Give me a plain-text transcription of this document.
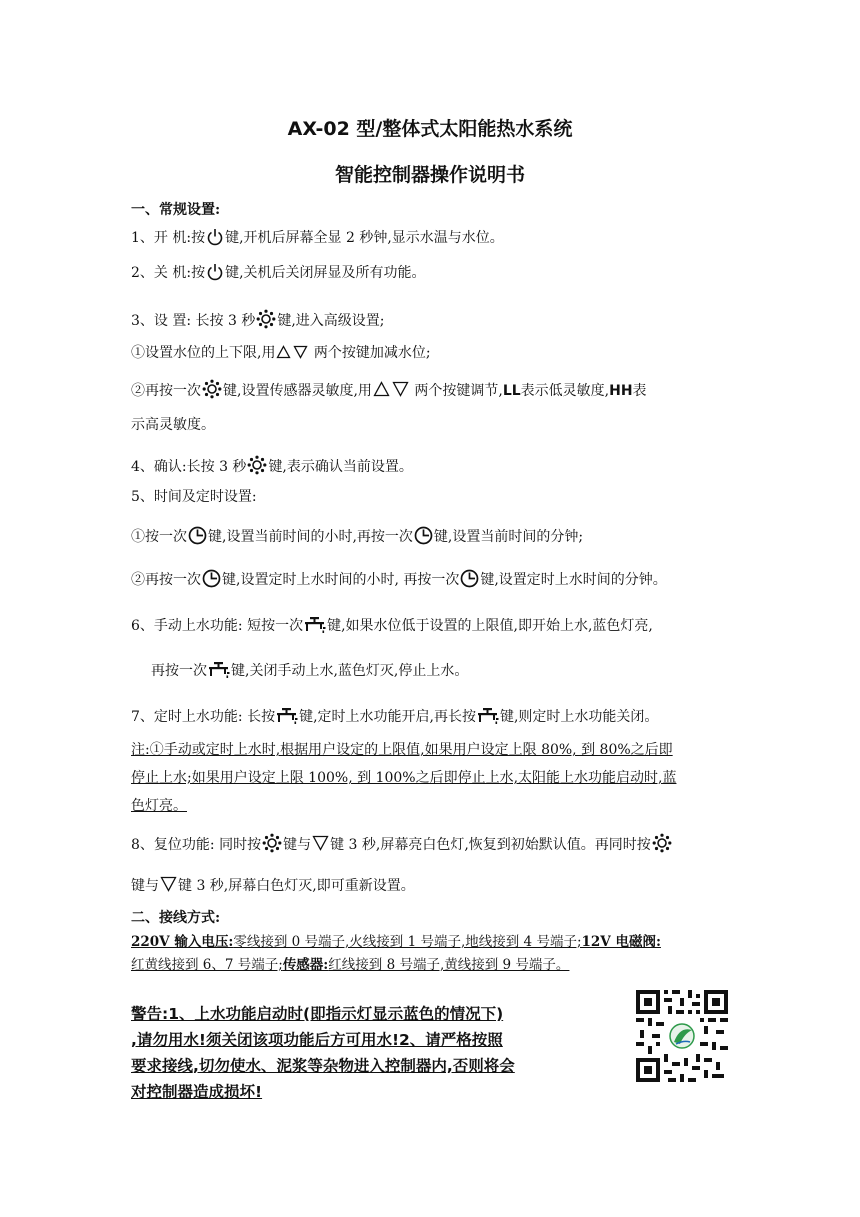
AX-02 型/整体式太阳能热水系统
智能控制器操作说明书
一、常规设置:
1、开 机:按 键,开机后屏幕全显 2 秒钟,显示水温与水位。
2、关 机:按 键,关机后关闭屏显及所有功能。
3、设 置: 长按 3 秒 键,进入高级设置;
①设置水位的上下限,用 两个按键加减水位;
②再按一次 键,设置传感器灵敏度,用	两个按键调节,LL表示低灵敏度,HH表
示高灵敏度。
4、确认:长按 3 秒 键,表示确认当前设置。
5、时间及定时设置:
①按一次 键,设置当前时间的小时,再按一次 键,设置当前时间的分钟;
②再按一次 键,设置定时上水时间的小时, 再按一次 键,设置定时上水时间的分钟。
6、手动上水功能: 短按一次 键,如果水位低于设置的上限值,即开始上水,蓝色灯亮,
再按一次 键,关闭手动上水,蓝色灯灭,停止上水。
7、定时上水功能: 长按 键,定时上水功能开启,再长按 键,则定时上水功能关闭。
注:①手动或定时上水时,根据用户设定的上限值,如果用户设定上限 80%, 到 80%之后即
停止上水;如果用户设定上限 100%, 到 100%之后即停止上水,太阳能上水功能启动时,蓝
色灯亮。
8、复位功能: 同时按 键与 键 3 秒,屏幕亮白色灯,恢复到初始默认值。再同时按
键与 键 3 秒,屏幕白色灯灭,即可重新设置。
二、接线方式:
220V 输入电压:零线接到 0 号端子,火线接到 1 号端子,地线接到 4 号端子;12V 电磁阀:
红黄线接到 6、7 号端子;传感器:红线接到 8 号端子,黄线接到 9 号端子。
警告:1、上水功能启动时(即指示灯显示蓝色的情况下)
,请勿用水!须关闭该项功能后方可用水!2、请严格按照
要求接线,切勿使水、泥浆等杂物进入控制器内,否则将会
对控制器造成损坏!
